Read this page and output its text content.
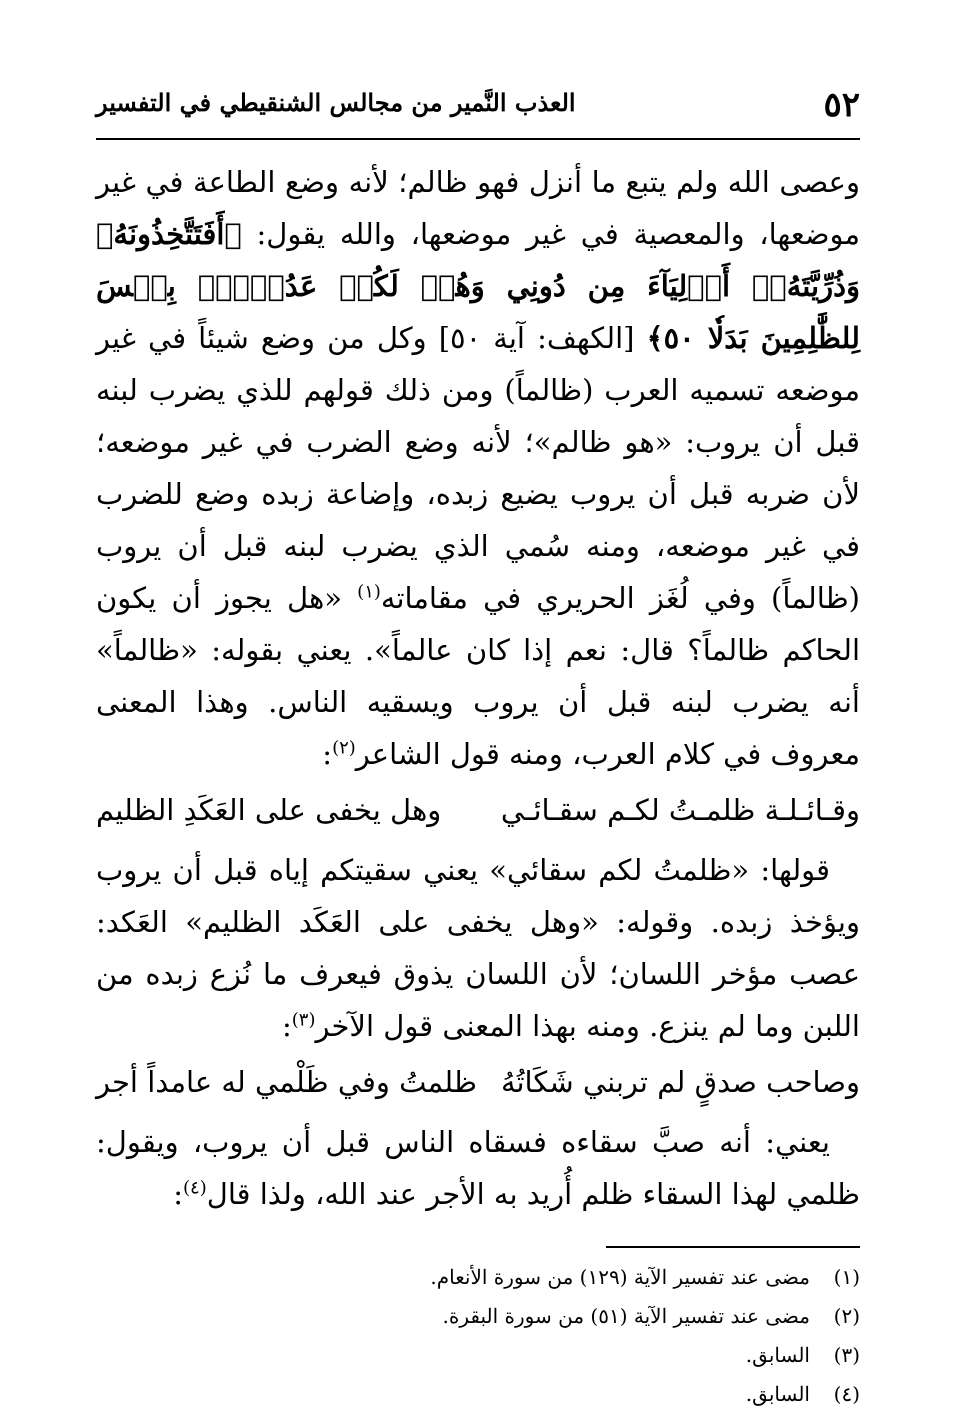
٥٢
العذب النَّمير من مجالس الشنقيطي في التفسير

وعصى الله ولم يتبع ما أنزل فهو ظالم؛ لأنه وضع الطاعة في غير موضعها، والمعصية في غير موضعها، والله يقول: ﴿أَفَتَتَّخِذُونَهُۥ وَذُرِّيَّتَهُۥٓ أَوۡلِيَآءَ مِن دُونِي وَهُمۡ لَكُمۡ عَدُوُّۢۚ بِئۡسَ لِلظَّٰلِمِينَ بَدَلٗا ٥٠﴾ [الكهف: آية ٥٠] وكل من وضع شيئاً في غير موضعه تسميه العرب (ظالماً) ومن ذلك قولهم للذي يضرب لبنه قبل أن يروب: «هو ظالم»؛ لأنه وضع الضرب في غير موضعه؛ لأن ضربه قبل أن يروب يضيع زبده، وإضاعة زبده وضع للضرب في غير موضعه، ومنه سُمي الذي يضرب لبنه قبل أن يروب (ظالماً) وفي لُغَز الحريري في مقاماته$^{(١)}$ «هل يجوز أن يكون الحاكم ظالماً؟ قال: نعم إذا كان عالماً». يعني بقوله: «ظالماً» أنه يضرب لبنه قبل أن يروب ويسقيه الناس. وهذا المعنى معروف في كلام العرب، ومنه قول الشاعر$^{(٢)}$:

وقـائـلـة ظلمـتُ لكـم سقـائـي
وهل يخفى على العَكَدِ الظليم

قولها: «ظلمتُ لكم سقائي» يعني سقيتكم إياه قبل أن يروب ويؤخذ زبده. وقوله: «وهل يخفى على العَكَد الظليم» العَكد: عصب مؤخر اللسان؛ لأن اللسان يذوق فيعرف ما نُزع زبده من اللبن وما لم ينزع. ومنه بهذا المعنى قول الآخر$^{(٣)}$:

وصاحب صدقٍ لم تربني شَكَاتُهُ
ظلمتُ وفي ظَلْمي له عامداً أجر

يعني: أنه صبَّ سقاءه فسقاه الناس قبل أن يروب، ويقول: ظلمي لهذا السقاء ظلم أُريد به الأجر عند الله، ولذا قال$^{(٤)}$:

(١)
مضى عند تفسير الآية (١٢٩) من سورة الأنعام.
(٢)
مضى عند تفسير الآية (٥١) من سورة البقرة.
(٣)
السابق.
(٤)
السابق.
